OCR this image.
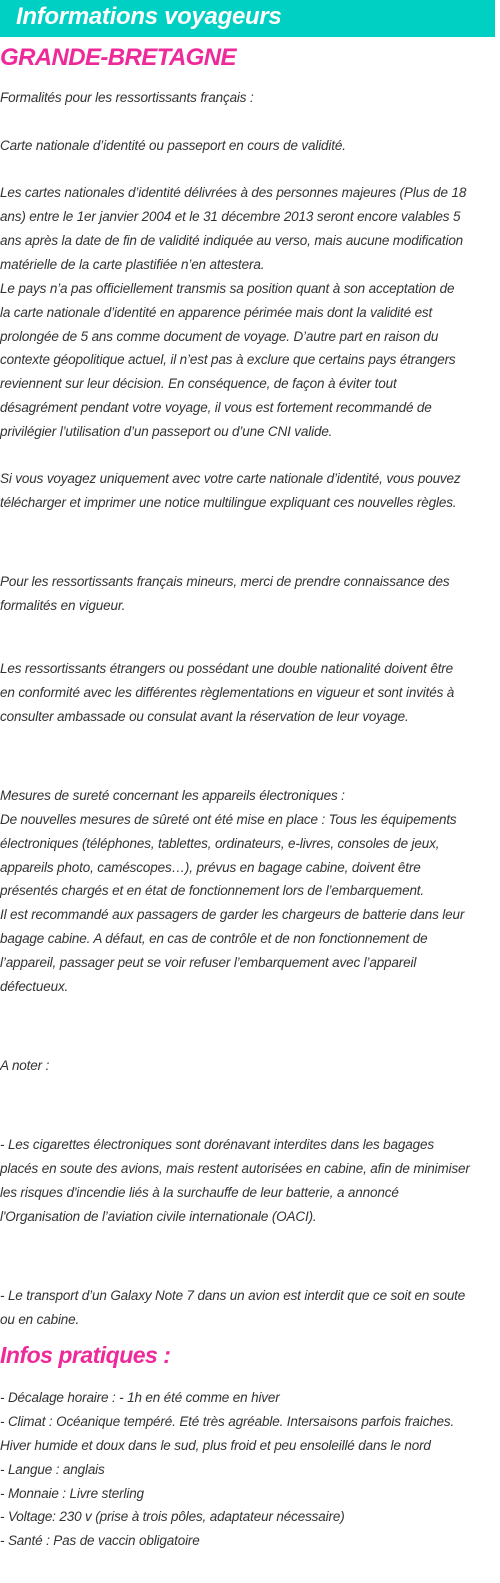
Informations voyageurs
GRANDE-BRETAGNE
Formalités pour les ressortissants français :
Carte nationale d’identité ou passeport en cours de validité.
Les cartes nationales d’identité délivrées à des personnes majeures (Plus de 18
ans) entre le 1er janvier 2004 et le 31 décembre 2013 seront encore valables 5
ans après la date de fin de validité indiquée au verso, mais aucune modification
matérielle de la carte plastifiée n’en attestera.
Le pays n’a pas officiellement transmis sa position quant à son acceptation de
la carte nationale d’identité en apparence périmée mais dont la validité est
prolongée de 5 ans comme document de voyage. D’autre part en raison du
contexte géopolitique actuel, il n’est pas à exclure que certains pays étrangers
reviennent sur leur décision. En conséquence, de façon à éviter tout
désagrément pendant votre voyage, il vous est fortement recommandé de
privilégier l’utilisation d’un passeport ou d’une CNI valide.
Si vous voyagez uniquement avec votre carte nationale d’identité, vous pouvez
télécharger et imprimer une notice multilingue expliquant ces nouvelles règles.
Pour les ressortissants français mineurs, merci de prendre connaissance des
formalités en vigueur.
Les ressortissants étrangers ou possédant une double nationalité doivent être
en conformité avec les différentes règlementations en vigueur et sont invités à
consulter ambassade ou consulat avant la réservation de leur voyage.
Mesures de sureté concernant les appareils électroniques :
De nouvelles mesures de sûreté ont été mise en place : Tous les équipements
électroniques (téléphones, tablettes, ordinateurs, e-livres, consoles de jeux,
appareils photo, caméscopes…), prévus en bagage cabine, doivent être
présentés chargés et en état de fonctionnement lors de l’embarquement.
Il est recommandé aux passagers de garder les chargeurs de batterie dans leur
bagage cabine. A défaut, en cas de contrôle et de non fonctionnement de
l’appareil, passager peut se voir refuser l’embarquement avec l’appareil
défectueux.
A noter :
- Les cigarettes électroniques sont dorénavant interdites dans les bagages
placés en soute des avions, mais restent autorisées en cabine, afin de minimiser
les risques d'incendie liés à la surchauffe de leur batterie, a annoncé
l'Organisation de l’aviation civile internationale (OACI).
- Le transport d’un Galaxy Note 7 dans un avion est interdit que ce soit en soute
ou en cabine.
Infos pratiques :
- Décalage horaire : - 1h en été comme en hiver
- Climat : Océanique tempéré. Eté très agréable. Intersaisons parfois fraiches.
Hiver humide et doux dans le sud, plus froid et peu ensoleillé dans le nord
- Langue : anglais
- Monnaie : Livre sterling
- Voltage: 230 v (prise à trois pôles, adaptateur nécessaire)
- Santé : Pas de vaccin obligatoire
